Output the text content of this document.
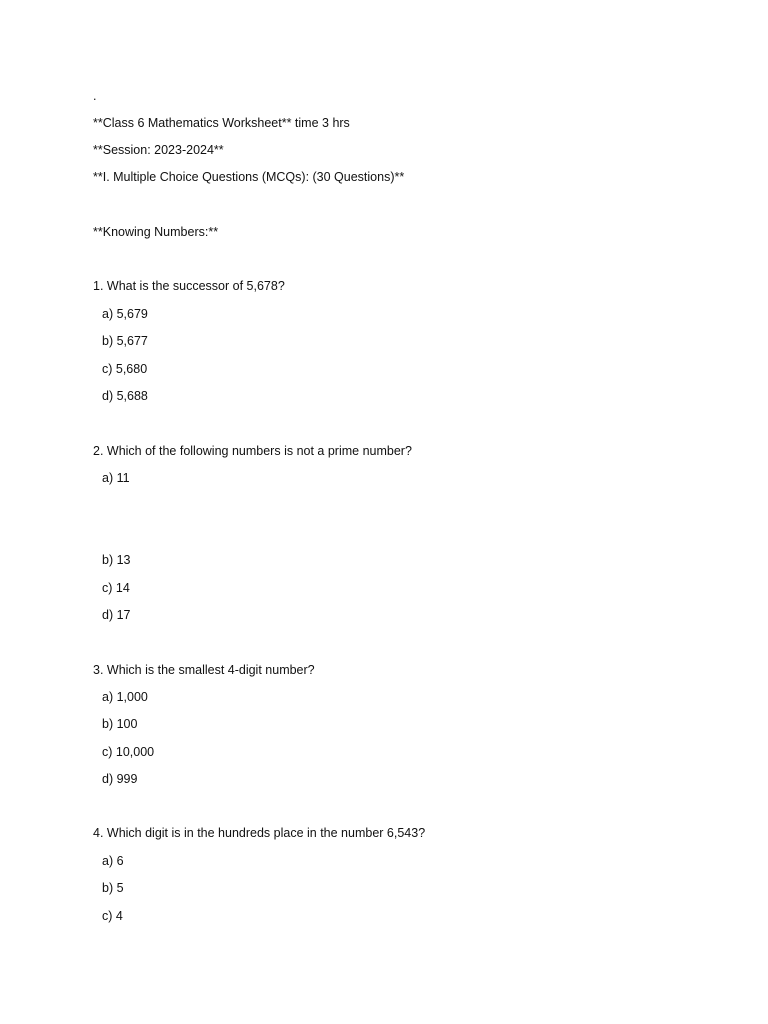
.
**Class 6 Mathematics Worksheet** time 3 hrs
**Session: 2023-2024**
**I. Multiple Choice Questions (MCQs): (30 Questions)**
**Knowing Numbers:**
1. What is the successor of 5,678?
a) 5,679
b) 5,677
c) 5,680
d) 5,688
2. Which of the following numbers is not a prime number?
a) 11
b) 13
c) 14
d) 17
3. Which is the smallest 4-digit number?
a) 1,000
b) 100
c) 10,000
d) 999
4. Which digit is in the hundreds place in the number 6,543?
a) 6
b) 5
c) 4
